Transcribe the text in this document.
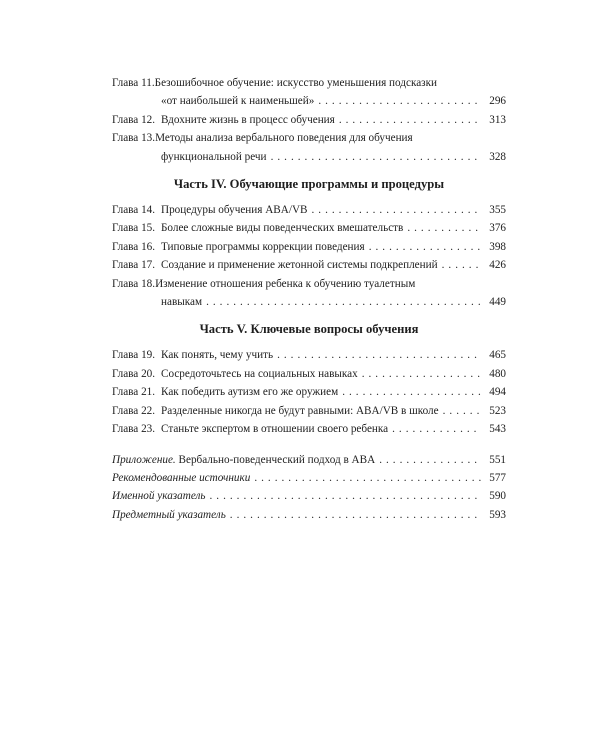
Глава 11.Безошибочное обучение: искусство уменьшения подсказки
«от наибольшей к наименьшей» . . .	296
Глава 12. Вдохните жизнь в процесс обучения . . .	313
Глава 13.Методы анализа вербального поведения для обучения
функциональной речи . . .	328
Часть IV. Обучающие программы и процедуры
Глава 14. Процедуры обучения ABA/VB . . .	355
Глава 15. Более сложные виды поведенческих вмешательств . . .	376
Глава 16. Типовые программы коррекции поведения . . .	398
Глава 17. Создание и применение жетонной системы подкреплений . . .	426
Глава 18.Изменение отношения ребенка к обучению туалетным
навыкам . . .	449
Часть V. Ключевые вопросы обучения
Глава 19. Как понять, чему учить . . .	465
Глава 20. Сосредоточьтесь на социальных навыках . . .	480
Глава 21. Как победить аутизм его же оружием . . .	494
Глава 22. Разделенные никогда не будут равными: ABA/VB в школе . . .	523
Глава 23. Станьте экспертом в отношении своего ребенка . . .	543
Приложение. Вербально-поведенческий подход в ABA . . .	551
Рекомендованные источники . . .	577
Именной указатель . . .	590
Предметный указатель . . .	593
